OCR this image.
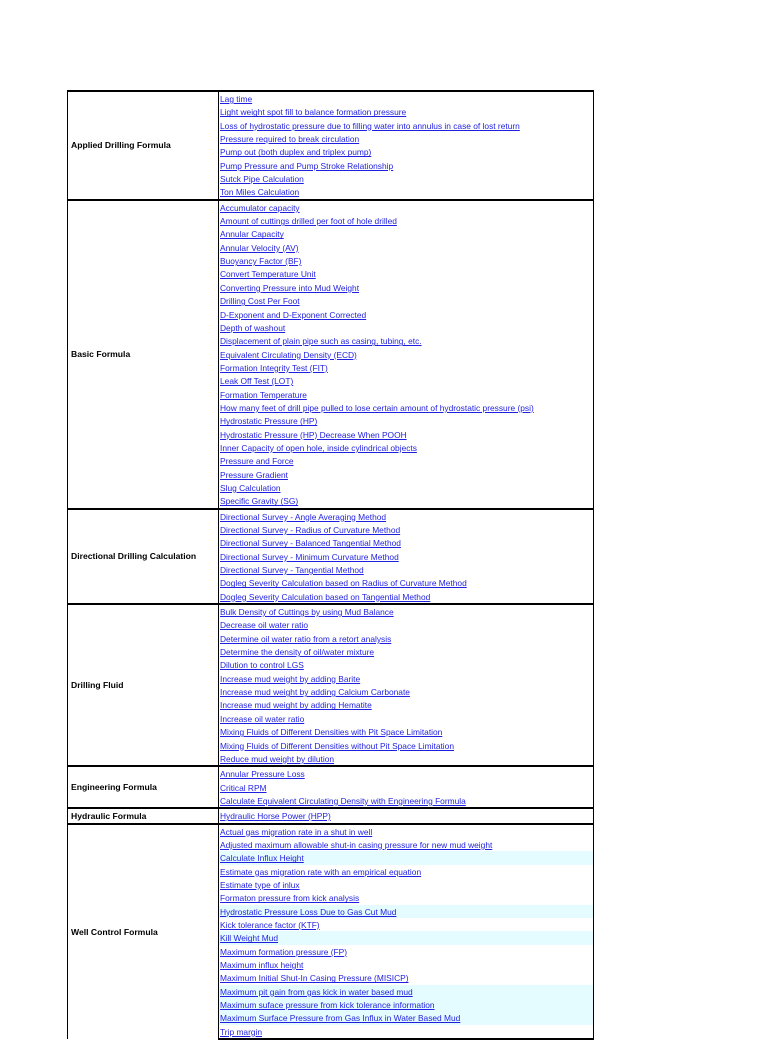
Applied Drilling Formula	Lag time
	Light weight spot fill to balance formation pressure
	Loss of hydrostatic pressure due to filling water into annulus in case of lost return
	Pressure required to break circulation
	Pump out (both duplex and triplex pump)
	Pump Pressure and Pump Stroke Relationship
	Sutck Pipe Calculation
	Ton Miles Calculation
Basic Formula	Accumulator capacity
	Amount of cuttings drilled per foot of hole drilled
	Annular Capacity
	Annular Velocity (AV)
	Buoyancy Factor (BF)
	Convert Temperature Unit
	Converting Pressure into Mud Weight
	Drilling Cost Per Foot
	D-Exponent and D-Exponent Corrected
	Depth of washout
	Displacement of plain pipe such as casing, tubing, etc.
	Equivalent Circulating Density (ECD)
	Formation Integrity Test (FIT)
	Leak Off Test (LOT)
	Formation Temperature
	How many feet of drill pipe pulled to lose certain amount of hydrostatic pressure (psi)
	Hydrostatic Pressure (HP)
	Hydrostatic Pressure (HP) Decrease When POOH
	Inner Capacity of open hole, inside cylindrical objects
	Pressure and Force
	Pressure Gradient
	Slug Calculation
	Specific Gravity (SG)
Directional Drilling Calculation	Directional Survey - Angle Averaging Method
	Directional Survey - Radius of Curvature Method
	Directional Survey - Balanced Tangential Method
	Directional Survey - Minimum Curvature Method
	Directional Survey - Tangential Method
	Dogleg Severity Calculation based on Radius of Curvature Method
	Dogleg Severity Calculation based on Tangential Method
Drilling Fluid	Bulk Density of Cuttings by using Mud Balance
	Decrease oil water ratio
	Determine oil water ratio from a retort analysis
	Determine the density of oil/water mixture
	Dilution to control LGS
	Increase mud weight by adding Barite
	Increase mud weight by adding Calcium Carbonate
	Increase mud weight by adding Hematite
	Increase oil water ratio
	Mixing Fluids of Different Densities with Pit Space Limitation
	Mixing Fluids of Different Densities without Pit Space Limitation
	Reduce mud weight by dilution
Engineering Formula	Annular Pressure Loss
	Critical RPM
	Calculate Equivalent Circulating Density with Engineering Formula
Hydraulic Formula	Hydraulic Horse Power (HPP)
Well Control Formula	Actual gas migration rate in a shut in well
	Adjusted maximum allowable shut-in casing pressure for new mud weight
	Calculate Influx Height
	Estimate gas migration rate with an empirical equation
	Estimate type of inlux
	Formaton pressure from kick analysis
	Hydrostatic Pressure Loss Due to Gas Cut Mud
	Kick tolerance factor (KTF)
	Kill Weight Mud
	Maximum formation pressure (FP)
	Maximum influx height
	Maximum Initial Shut-In Casing Pressure (MISICP)
	Maximum pit gain from gas kick in water based mud
	Maximum suface pressure from kick tolerance information
	Maximum Surface Pressure from Gas Influx in Water Based Mud
	Trip margin
